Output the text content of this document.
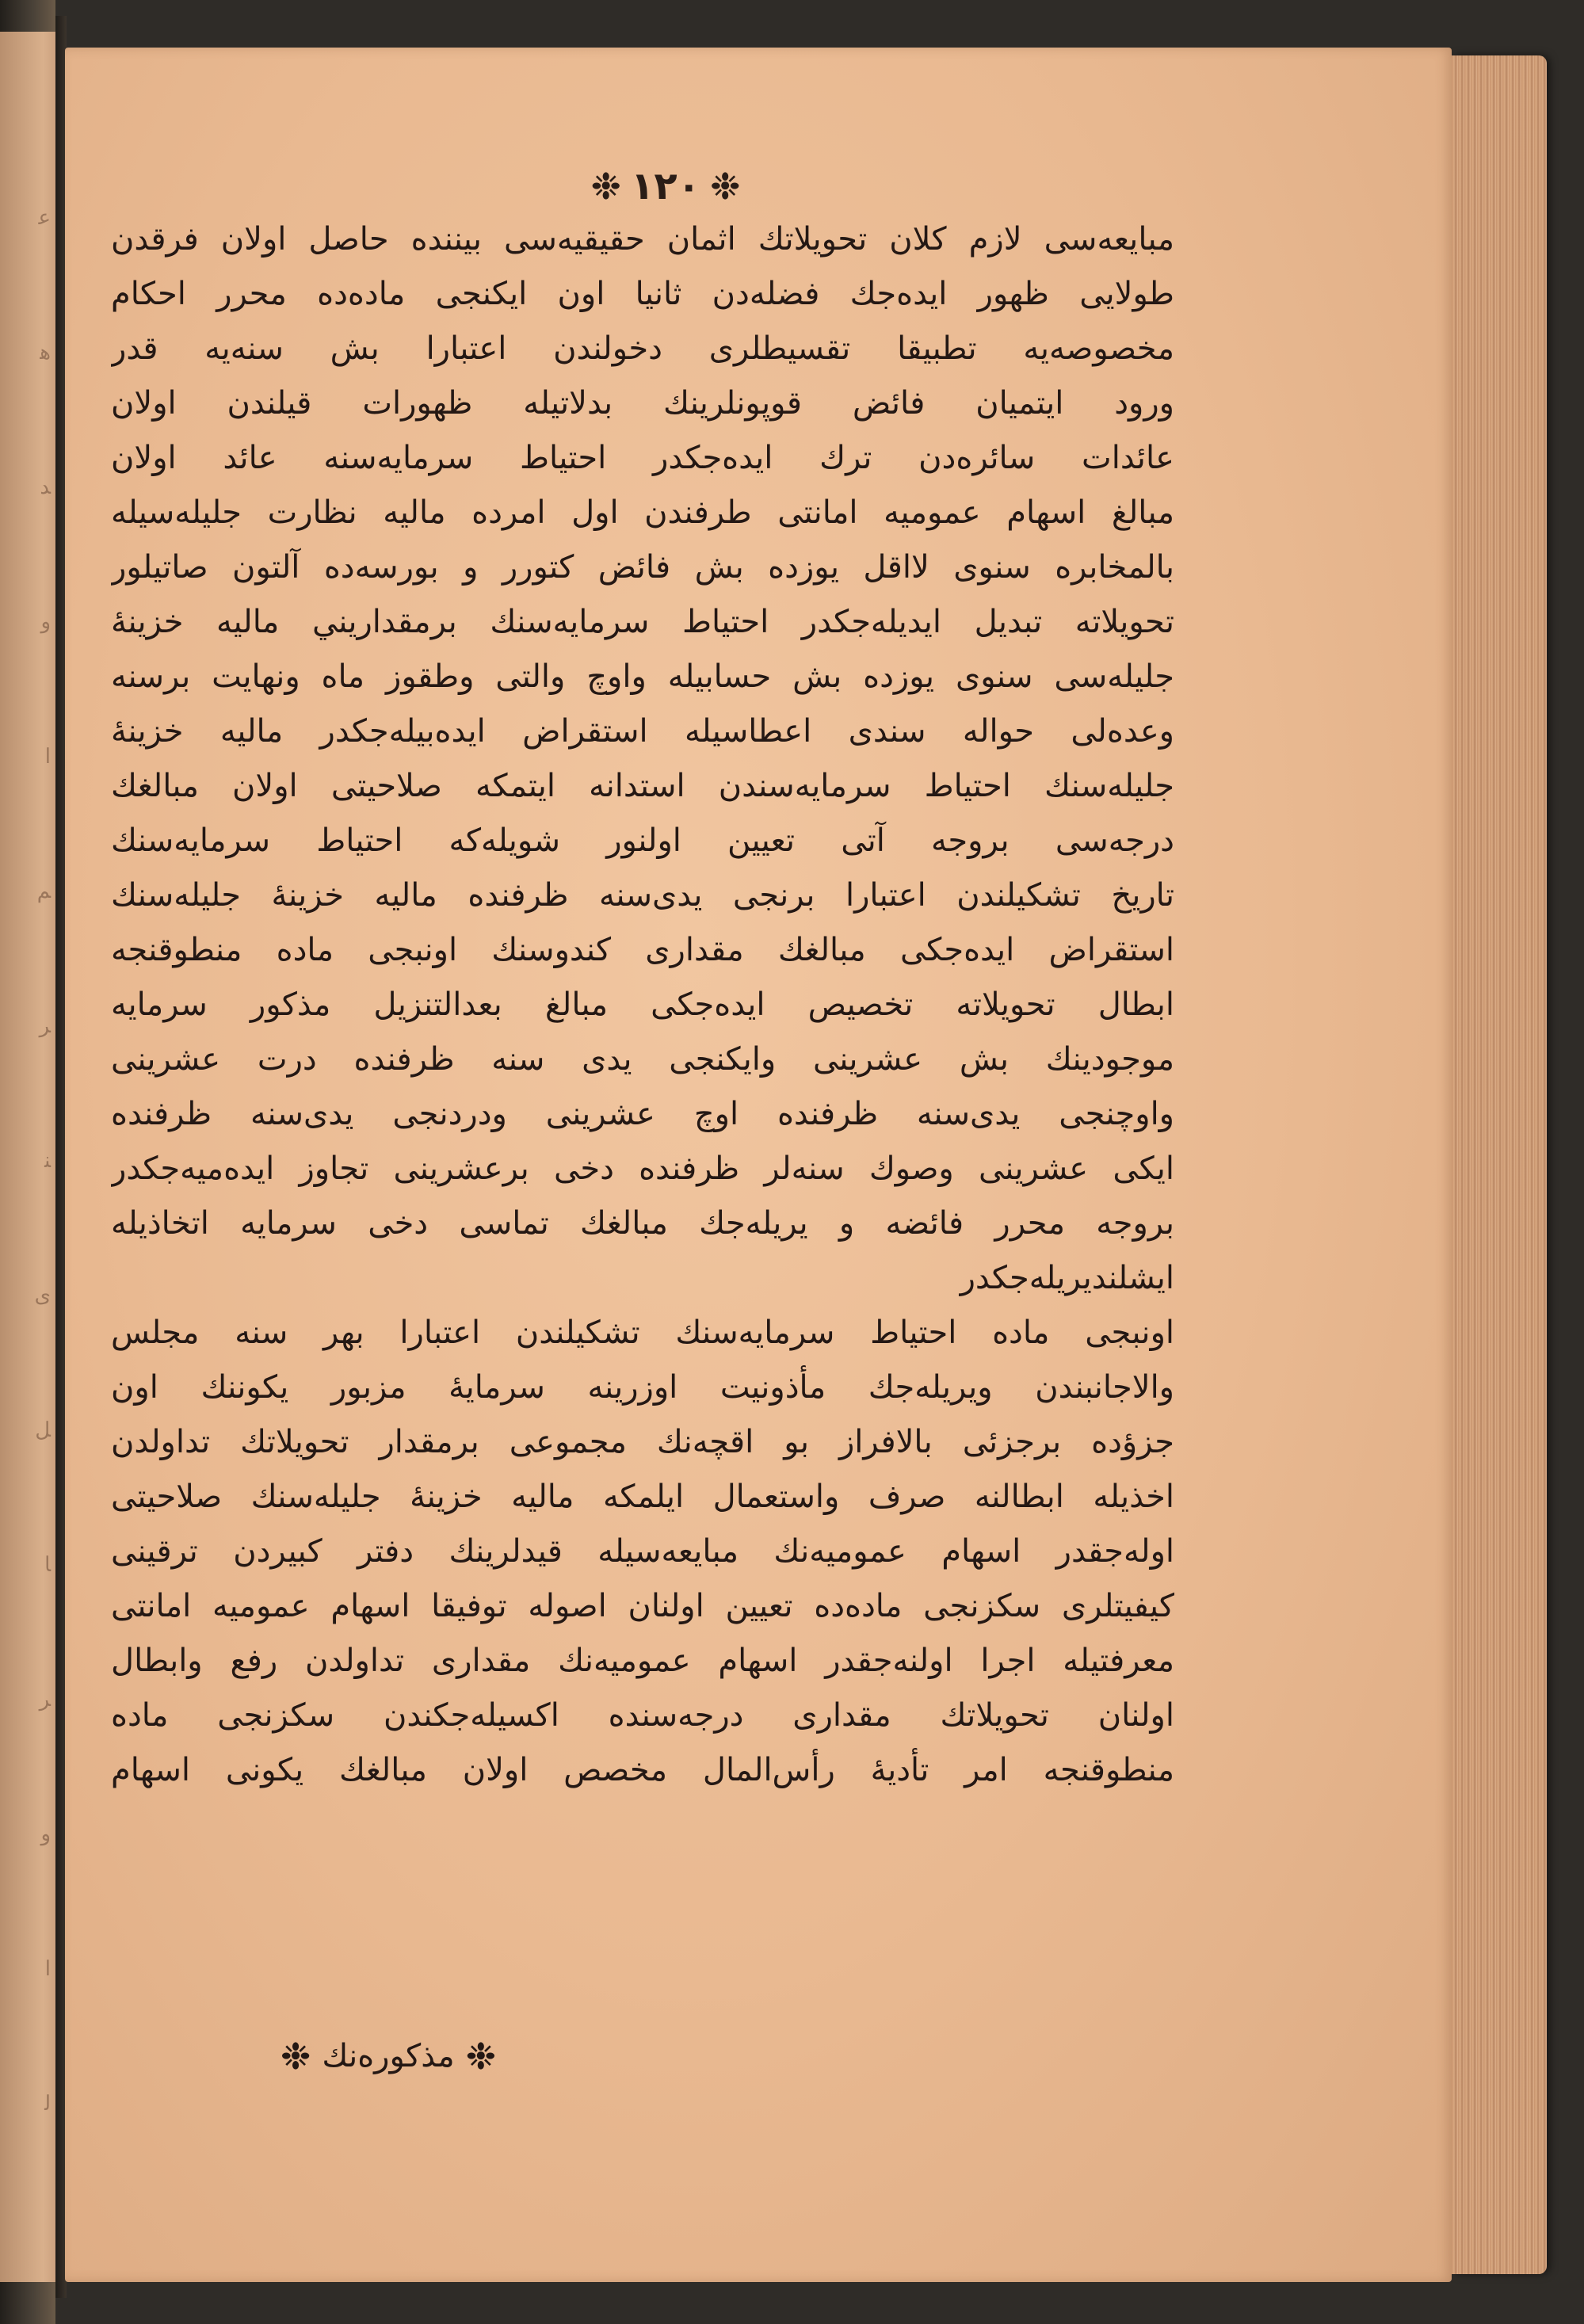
ﻋ
ﻫ
ﺪ
ﻭ
ﺍ
ﻢ
ﺮ
ﻨ
ﻯ
ﻞ
ﺎ
ﺮ
ﻭ
ﺍ
ﻟ
❉ ١٢٠ ❉
مبایعه‌سی لازم کلان تحویلاتك اثمان حقیقیه‌سی بیننده حاصل اولان فرقدن
طولایی ظهور ایده‌جك فضله‌دن ثانیا اون ایکنجی ماده‌ده محرر احکام
مخصوصه‌یه تطبیقا تقسیطلری دخولندن اعتبارا بش سنه‌یه قدر
ورود ایتمیان فائض قوپونلرینك بدلاتیله ظهورات قیلندن اولان
عائدات سائره‌دن ترك ایده‌جکدر احتیاط سرمایه‌سنه عائد اولان
مبالغ اسهام عمومیه امانتی طرفندن اول امرده مالیه نظارت جلیله‌سیله
بالمخابره سنوی لااقل یوزده بش فائض کتورر و بورسه‌ده آلتون صاتیلور
تحویلاته تبدیل ایدیله‌جکدر احتیاط سرمایه‌سنك برمقداریني مالیه خزینهٔ
جلیله‌سی سنوی یوزده بش حسابیله واوچ والتی وطقوز ماه ونهایت برسنه
وعده‌لی حواله سندی اعطاسیله استقراض ایده‌بیله‌جکدر مالیه خزینهٔ
جلیله‌سنك احتیاط سرمایه‌سندن استدانه ایتمکه صلاحیتی اولان مبالغك
درجه‌سی بروجه آتی تعیین اولنور شویله‌که احتیاط سرمایه‌سنك
تاریخ تشکیلندن اعتبارا برنجی یدی‌سنه ظرفنده مالیه خزینهٔ جلیله‌سنك
استقراض ایده‌جکی مبالغك مقداری کندوسنك اونبجی ماده منطوقنجه
ابطال تحویلاته تخصیص ایده‌جکی مبالغ بعدالتنزیل مذکور سرمایه
موجودینك بش عشرینی وایکنجی یدی سنه ظرفنده درت عشرینی
واوچنجی یدی‌سنه ظرفنده اوچ عشرینی ودردنجی یدی‌سنه ظرفنده
ایکی عشرینی وصوك سنه‌لر ظرفنده دخی برعشرینی تجاوز ایده‌میه‌جکدر
بروجه محرر فائضه و یریله‌جك مبالغك تماسی دخی سرمایه اتخاذیله
ایشلندیریله‌جکدر
اونبجی ماده احتیاط سرمایه‌سنك تشکیلندن اعتبارا بهر سنه مجلس
والاجانبندن ویریله‌جك مأذونیت اوزرینه سرمایهٔ مزبور یکوننك اون
جزؤده برجزئی بالافراز بو اقچه‌نك مجموعی برمقدار تحویلاتك تداولدن
اخذیله ابطالنه صرف واستعمال ایلمکه مالیه خزینهٔ جلیله‌سنك صلاحیتی
اوله‌جقدر اسهام عمومیه‌نك مبایعه‌سیله قیدلرینك دفتر کبیردن ترقینی
کیفیتلری سکزنجی ماده‌ده تعیین اولنان اصوله توفیقا اسهام عمومیه امانتی
معرفتیله اجرا اولنه‌جقدر اسهام عمومیه‌نك مقداری تداولدن رفع وابطال
اولنان تحویلاتك مقداری درجه‌سنده اکسیله‌جکندن سکزنجی ماده
منطوقنجه امر تأدیهٔ رأس‌المال مخصص اولان مبالغك یکونی اسهام
❉
مذکوره‌نك
❉
